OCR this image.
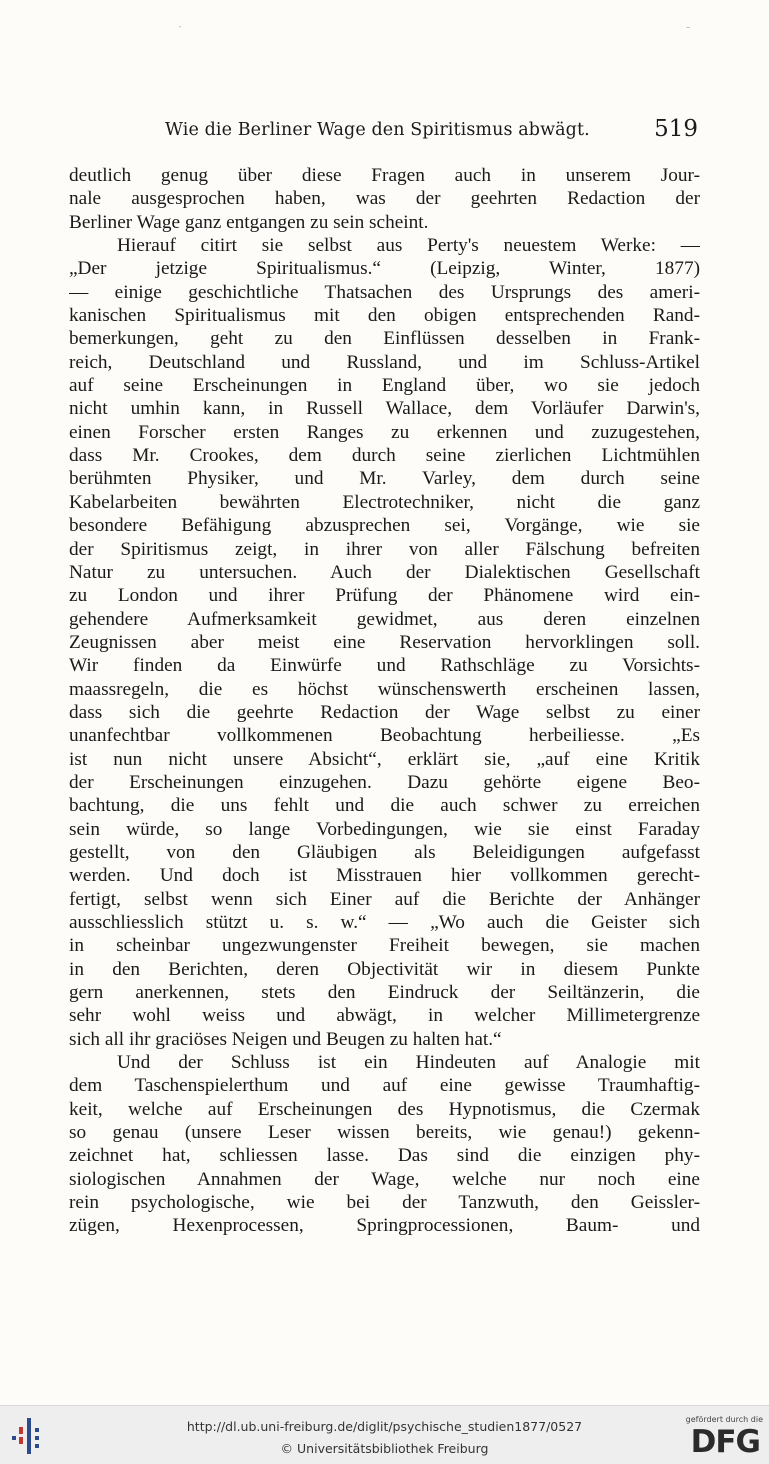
·	-
Wie die Berliner Wage den Spiritismus abwägt.	519
deutlich genug über diese Fragen auch in unserem Jour-
nale ausgesprochen haben, was der geehrten Redaction der
Berliner Wage ganz entgangen zu sein scheint.
Hierauf citirt sie selbst aus Perty's neuestem Werke: —
„Der jetzige Spiritualismus.“ (Leipzig, Winter, 1877)
— einige geschichtliche Thatsachen des Ursprungs des ameri-
kanischen Spiritualismus mit den obigen entsprechenden Rand-
bemerkungen, geht zu den Einflüssen desselben in Frank-
reich, Deutschland und Russland, und im Schluss-Artikel
auf seine Erscheinungen in England über, wo sie jedoch
nicht umhin kann, in Russell Wallace, dem Vorläufer Darwin's,
einen Forscher ersten Ranges zu erkennen und zuzugestehen,
dass Mr. Crookes, dem durch seine zierlichen Lichtmühlen
berühmten Physiker, und Mr. Varley, dem durch seine
Kabelarbeiten bewährten Electrotechniker, nicht die ganz
besondere Befähigung abzusprechen sei, Vorgänge, wie sie
der Spiritismus zeigt, in ihrer von aller Fälschung befreiten
Natur zu untersuchen. Auch der Dialektischen Gesellschaft
zu London und ihrer Prüfung der Phänomene wird ein-
gehendere Aufmerksamkeit gewidmet, aus deren einzelnen
Zeugnissen aber meist eine Reservation hervorklingen soll.
Wir finden da Einwürfe und Rathschläge zu Vorsichts-
maassregeln, die es höchst wünschenswerth erscheinen lassen,
dass sich die geehrte Redaction der Wage selbst zu einer
unanfechtbar vollkommenen Beobachtung herbeiliesse. „Es
ist nun nicht unsere Absicht“, erklärt sie, „auf eine Kritik
der Erscheinungen einzugehen. Dazu gehörte eigene Beo-
bachtung, die uns fehlt und die auch schwer zu erreichen
sein würde, so lange Vorbedingungen, wie sie einst Faraday
gestellt, von den Gläubigen als Beleidigungen aufgefasst
werden. Und doch ist Misstrauen hier vollkommen gerecht-
fertigt, selbst wenn sich Einer auf die Berichte der Anhänger
ausschliesslich stützt u. s. w.“ — „Wo auch die Geister sich
in scheinbar ungezwungenster Freiheit bewegen, sie machen
in den Berichten, deren Objectivität wir in diesem Punkte
gern anerkennen, stets den Eindruck der Seiltänzerin, die
sehr wohl weiss und abwägt, in welcher Millimetergrenze
sich all ihr graciöses Neigen und Beugen zu halten hat.“
Und der Schluss ist ein Hindeuten auf Analogie mit
dem Taschenspielerthum und auf eine gewisse Traumhaftig-
keit, welche auf Erscheinungen des Hypnotismus, die Czermak
so genau (unsere Leser wissen bereits, wie genau!) gekenn-
zeichnet hat, schliessen lasse. Das sind die einzigen phy-
siologischen Annahmen der Wage, welche nur noch eine
rein psychologische, wie bei der Tanzwuth, den Geissler-
zügen, Hexenprocessen, Springprocessionen, Baum- und
http://dl.ub.uni-freiburg.de/diglit/psychische_studien1877/0527
© Universitätsbibliothek Freiburg
gefördert durch die
DFG
